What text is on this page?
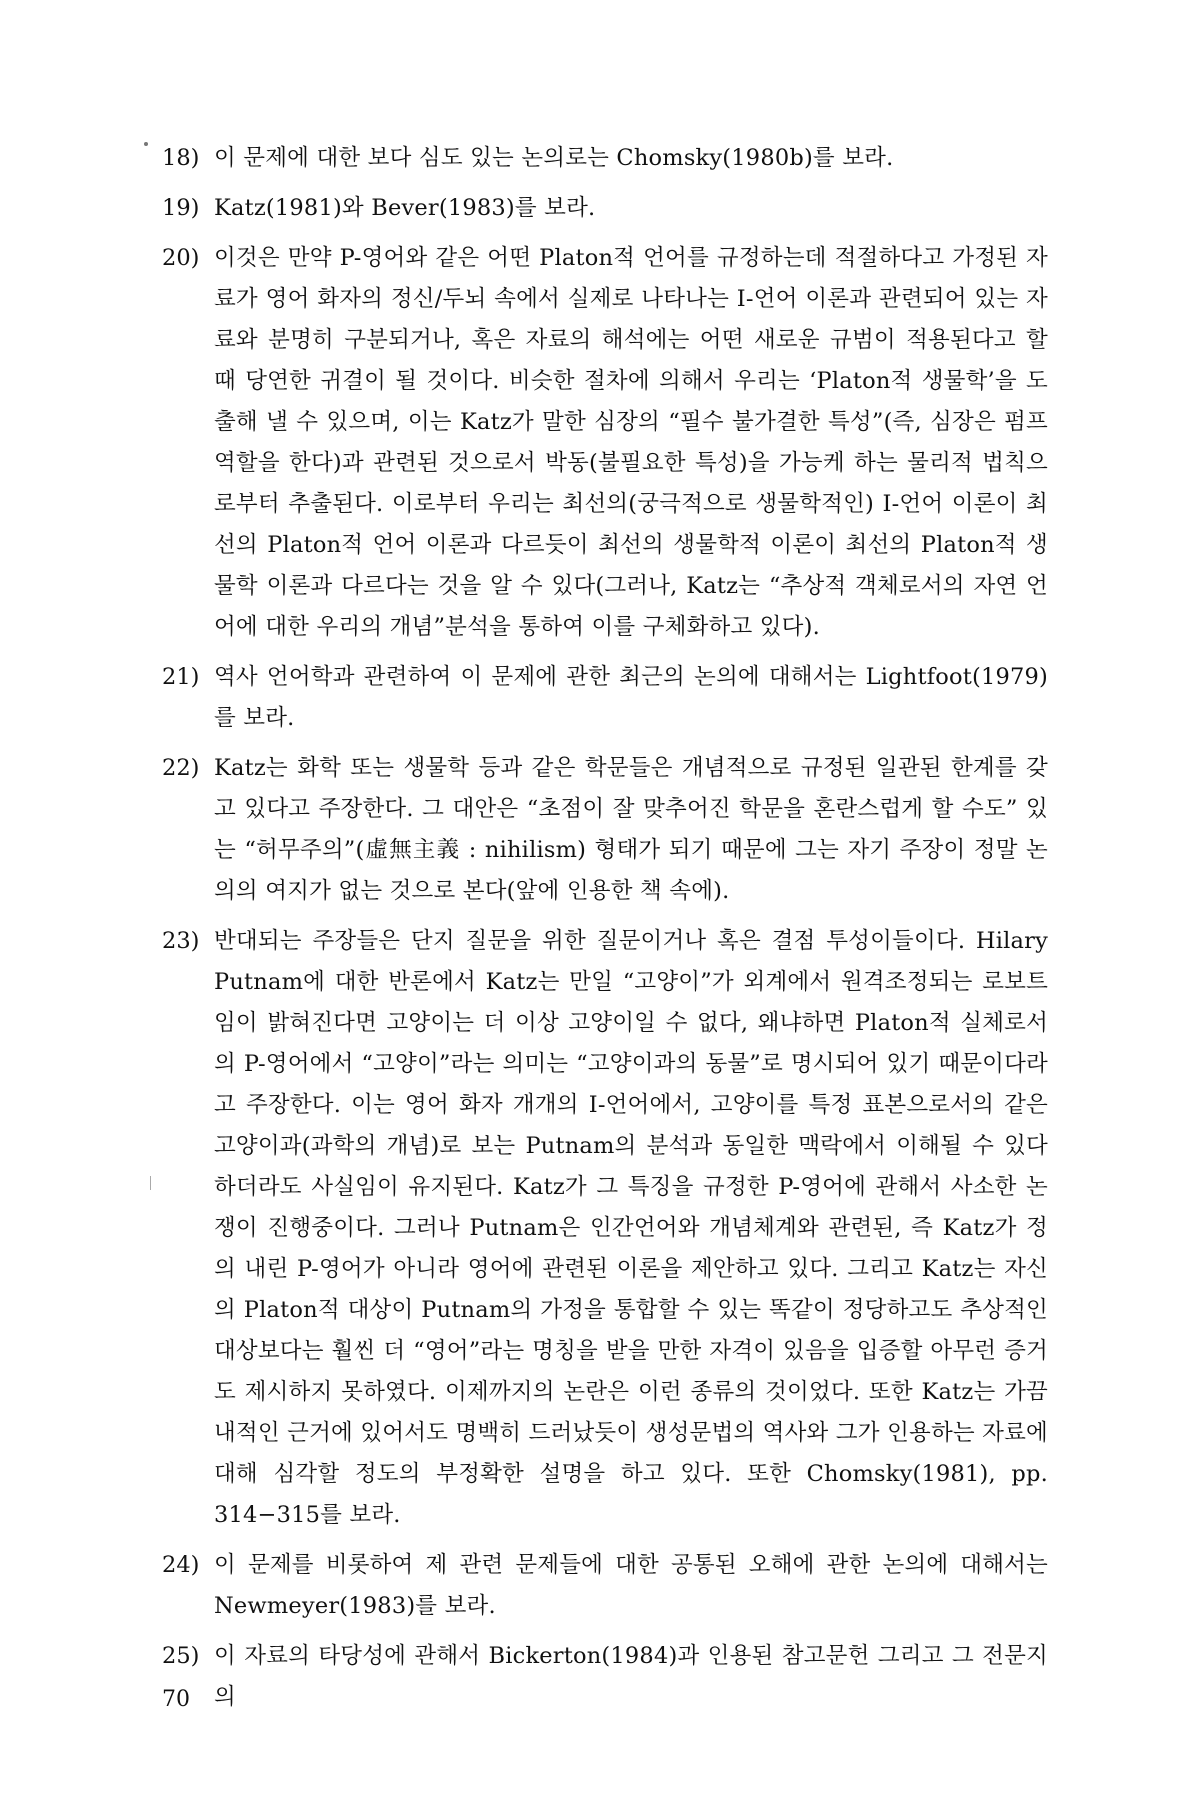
18) 이 문제에 대한 보다 심도 있는 논의로는 Chomsky(1980b)를 보라.
19) Katz(1981)와 Bever(1983)를 보라.
20) 이것은 만약 P-영어와 같은 어떤 Platon적 언어를 규정하는데 적절하다고 가정된 자료가 영어 화자의 정신/두뇌 속에서 실제로 나타나는 I-언어 이론과 관련되어 있는 자료와 분명히 구분되거나, 혹은 자료의 해석에는 어떤 새로운 규범이 적용된다고 할 때 당연한 귀결이 될 것이다. 비슷한 절차에 의해서 우리는 ‘Platon적 생물학’을 도출해 낼 수 있으며, 이는 Katz가 말한 심장의 “필수 불가결한 특성”(즉, 심장은 펌프 역할을 한다)과 관련된 것으로서 박동(불필요한 특성)을 가능케 하는 물리적 법칙으로부터 추출된다. 이로부터 우리는 최선의(궁극적으로 생물학적인) I-언어 이론이 최선의 Platon적 언어 이론과 다르듯이 최선의 생물학적 이론이 최선의 Platon적 생물학 이론과 다르다는 것을 알 수 있다(그러나, Katz는 “추상적 객체로서의 자연 언어에 대한 우리의 개념”분석을 통하여 이를 구체화하고 있다).
21) 역사 언어학과 관련하여 이 문제에 관한 최근의 논의에 대해서는 Lightfoot(1979)를 보라.
22) Katz는 화학 또는 생물학 등과 같은 학문들은 개념적으로 규정된 일관된 한계를 갖고 있다고 주장한다. 그 대안은 “초점이 잘 맞추어진 학문을 혼란스럽게 할 수도” 있는 “허무주의”(虛無主義 : nihilism) 형태가 되기 때문에 그는 자기 주장이 정말 논의의 여지가 없는 것으로 본다(앞에 인용한 책 속에).
23) 반대되는 주장들은 단지 질문을 위한 질문이거나 혹은 결점 투성이들이다. Hilary Putnam에 대한 반론에서 Katz는 만일 “고양이”가 외계에서 원격조정되는 로보트임이 밝혀진다면 고양이는 더 이상 고양이일 수 없다, 왜냐하면 Platon적 실체로서의 P-영어에서 “고양이”라는 의미는 “고양이과의 동물”로 명시되어 있기 때문이다라고 주장한다. 이는 영어 화자 개개의 I-언어에서, 고양이를 특정 표본으로서의 같은 고양이과(과학의 개념)로 보는 Putnam의 분석과 동일한 맥락에서 이해될 수 있다 하더라도 사실임이 유지된다. Katz가 그 특징을 규정한 P-영어에 관해서 사소한 논쟁이 진행중이다. 그러나 Putnam은 인간언어와 개념체계와 관련된, 즉 Katz가 정의 내린 P-영어가 아니라 영어에 관련된 이론을 제안하고 있다. 그리고 Katz는 자신의 Platon적 대상이 Putnam의 가정을 통합할 수 있는 똑같이 정당하고도 추상적인 대상보다는 훨씬 더 “영어”라는 명칭을 받을 만한 자격이 있음을 입증할 아무런 증거도 제시하지 못하였다. 이제까지의 논란은 이런 종류의 것이었다. 또한 Katz는 가끔 내적인 근거에 있어서도 명백히 드러났듯이 생성문법의 역사와 그가 인용하는 자료에 대해 심각할 정도의 부정확한 설명을 하고 있다. 또한 Chomsky(1981), pp. 314−315를 보라.
24) 이 문제를 비롯하여 제 관련 문제들에 대한 공통된 오해에 관한 논의에 대해서는 Newmeyer(1983)를 보라.
25) 이 자료의 타당성에 관해서 Bickerton(1984)과 인용된 참고문헌 그리고 그 전문지의
70
